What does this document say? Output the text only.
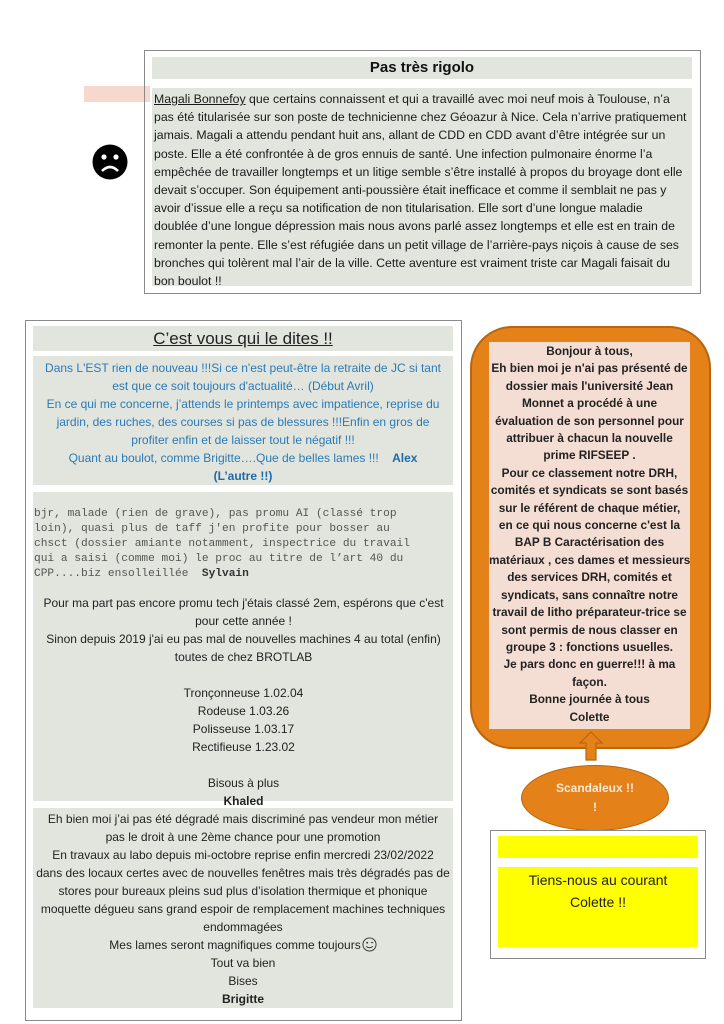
Pas très rigolo
Magali Bonnefoy que certains connaissent et qui a travaillé avec moi neuf mois à Toulouse, n’a
pas été titularisée sur son poste de technicienne chez Géoazur à Nice. Cela n’arrive pratiquement
jamais. Magali a attendu pendant huit ans, allant de CDD en CDD avant d’être intégrée sur un
poste. Elle a été confrontée à de gros ennuis de santé. Une infection pulmonaire énorme l’a
empêchée de travailler longtemps et un litige semble s’être installé à propos du broyage dont elle
devait s’occuper. Son équipement anti-poussière était inefficace et comme il semblait ne pas y
avoir d’issue elle a reçu sa notification de non titularisation. Elle sort d’une longue maladie
doublée d’une longue dépression mais nous avons parlé assez longtemps et elle est en train de
remonter la pente. Elle s’est réfugiée dans un petit village de l’arrière-pays niçois à cause de ses
bronches qui tolèrent mal l’air de la ville. Cette aventure est vraiment triste car Magali faisait du
bon boulot !!
C’est vous qui le dites !!
Dans L'EST rien de nouveau !!!Si ce n'est peut-être la retraite de JC si tant
est que ce soit toujours d'actualité… (Début Avril)
En ce qui me concerne, j’attends le printemps avec impatience, reprise du
jardin, des ruches, des courses si pas de blessures !!!Enfin en gros de
profiter enfin et de laisser tout le négatif !!!
Quant au boulot, comme Brigitte….Que de belles lames !!! Alex
(L’autre !!)
bjr, malade (rien de grave), pas promu AI (classé trop
loin), quasi plus de taff j'en profite pour bosser au
chsct (dossier amiante notamment, inspectrice du travail
qui a saisi (comme moi) le proc au titre de l’art 40 du
CPP....biz ensolleillée Sylvain
Pour ma part pas encore promu tech j'étais classé 2em, espérons que c'est
pour cette année !
Sinon depuis 2019 j'ai eu pas mal de nouvelles machines 4 au total (enfin)
toutes de chez BROTLAB

Tronçonneuse 1.02.04
Rodeuse 1.03.26
Polisseuse 1.03.17
Rectifieuse 1.23.02

Bisous à plus
Khaled
Eh bien moi j’ai pas été dégradé mais discriminé pas vendeur mon métier
pas le droit à une 2ème chance pour une promotion
En travaux au labo depuis mi-octobre reprise enfin mercredi 23/02/2022
dans des locaux certes avec de nouvelles fenêtres mais très dégradés pas de
stores pour bureaux pleins sud plus d’isolation thermique et phonique
moquette dégueu sans grand espoir de remplacement machines techniques
endommagées
Mes lames seront magnifiques comme toujours
Tout va bien
Bises
Brigitte
Bonjour à tous,
Eh bien moi je n'ai pas présenté de
dossier mais l'université Jean
Monnet a procédé à une
évaluation de son personnel pour
attribuer à chacun la nouvelle
prime RIFSEEP .
Pour ce classement notre DRH,
comités et syndicats se sont basés
sur le référent de chaque métier,
en ce qui nous concerne c'est la
BAP B Caractérisation des
matériaux , ces dames et messieurs
des services DRH, comités et
syndicats, sans connaître notre
travail de litho préparateur-trice se
sont permis de nous classer en
groupe 3 : fonctions usuelles.
Je pars donc en guerre!!! à ma
façon.
Bonne journée à tous
Colette
Scandaleux !!
!
Tiens-nous au courant
Colette !!
